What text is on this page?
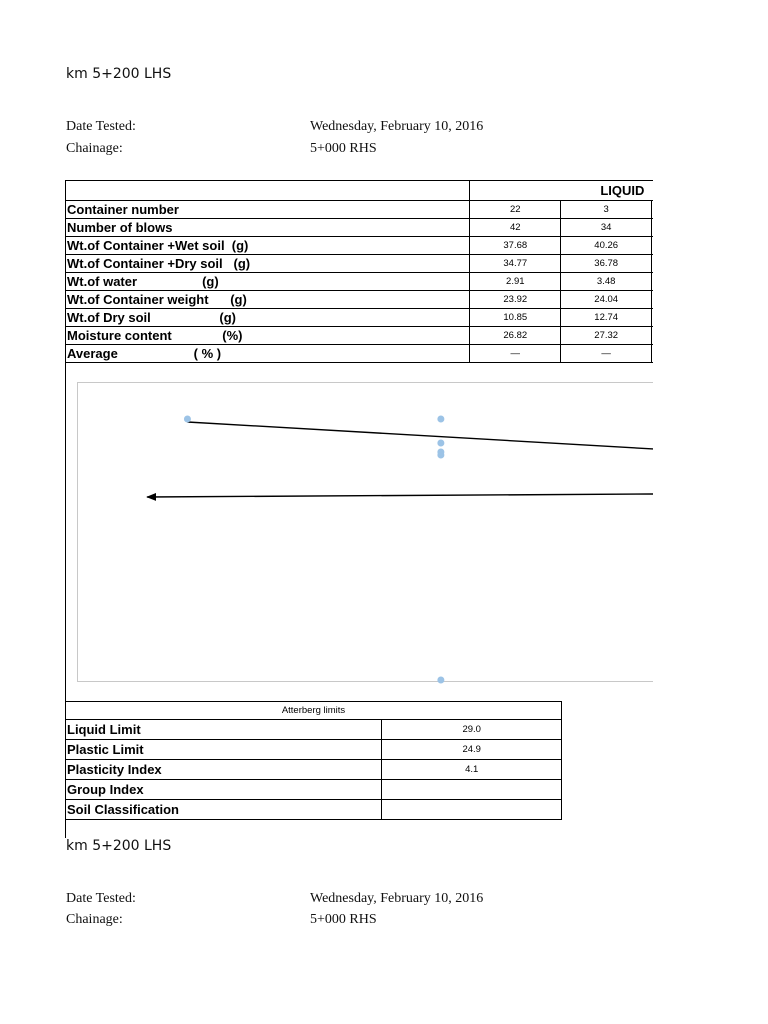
km 5+200 LHS
Date Tested:	Wednesday, February 10, 2016
Chainage:	5+000 RHS
	LIQUID		
Container number	22	3	
Number of blows	42	34	
Wt.of Container +Wet soil  (g)	37.68	40.26	
Wt.of Container +Dry soil   (g)	34.77	36.78	
Wt.of water                  (g)	2.91	3.48	
Wt.of Container weight      (g)	23.92	24.04	
Wt.of Dry soil                   (g)	10.85	12.74	
Moisture content              (%)	26.82	27.32	
Average                     ( % )	—	—	
Atterberg limits	
Liquid Limit	29.0
Plastic Limit	24.9
Plasticity Index	4.1
Group Index	
Soil Classification	
km 5+200 LHS
Date Tested:	Wednesday, February 10, 2016
Chainage:	5+000 RHS
